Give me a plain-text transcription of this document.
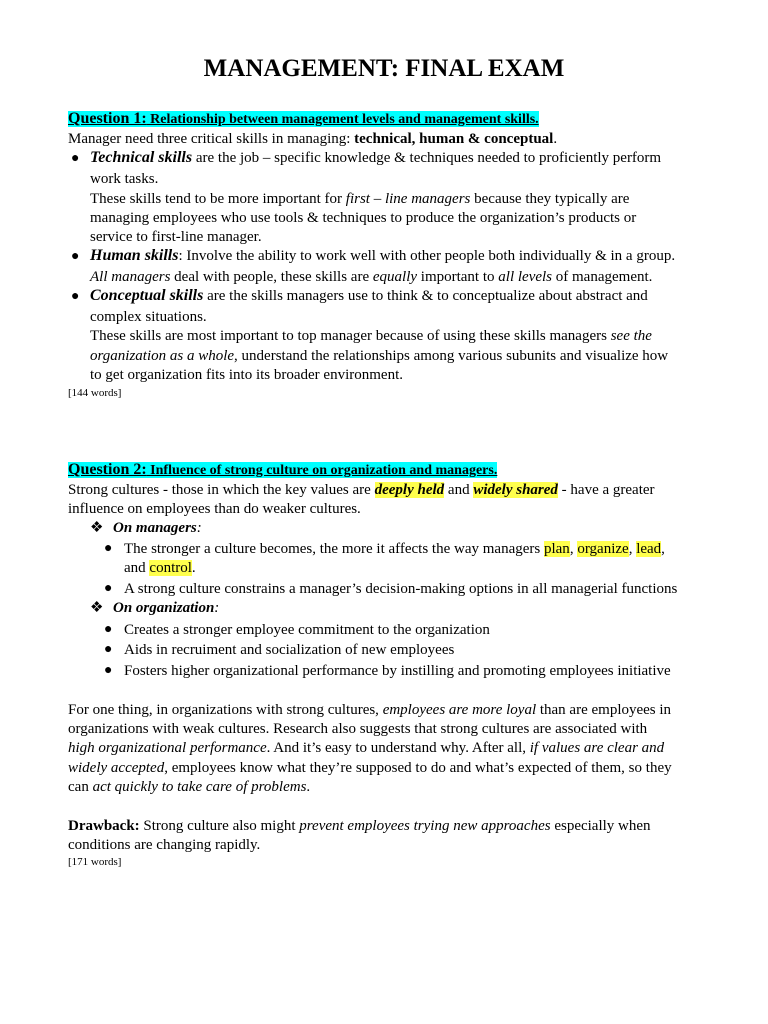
MANAGEMENT: FINAL EXAM
Question 1: Relationship between management levels and management skills.
Manager need three critical skills in managing: technical, human & conceptual.
● Technical skills are the job – specific knowledge & techniques needed to proficiently perform
work tasks.
These skills tend to be more important for first – line managers because they typically are
managing employees who use tools & techniques to produce the organization’s products or
service to first-line manager.
● Human skills: Involve the ability to work well with other people both individually & in a group.
All managers deal with people, these skills are equally important to all levels of management.
● Conceptual skills are the skills managers use to think & to conceptualize about abstract and
complex situations.
These skills are most important to top manager because of using these skills managers see the
organization as a whole, understand the relationships among various subunits and visualize how
to get organization fits into its broader environment.
[144 words]
Question 2: Influence of strong culture on organization and managers.
Strong cultures - those in which the key values are deeply held and widely shared - have a greater
influence on employees than do weaker cultures.
❖ On managers:
● The stronger a culture becomes, the more it affects the way managers plan, organize, lead,
and control.
● A strong culture constrains a manager’s decision-making options in all managerial functions
❖ On organization:
● Creates a stronger employee commitment to the organization
● Aids in recruiment and socialization of new employees
● Fosters higher organizational performance by instilling and promoting employees initiative
For one thing, in organizations with strong cultures, employees are more loyal than are employees in
organizations with weak cultures. Research also suggests that strong cultures are associated with
high organizational performance. And it’s easy to understand why. After all, if values are clear and
widely accepted, employees know what they’re supposed to do and what’s expected of them, so they
can act quickly to take care of problems.
Drawback: Strong culture also might prevent employees trying new approaches especially when
conditions are changing rapidly.
[171 words]
